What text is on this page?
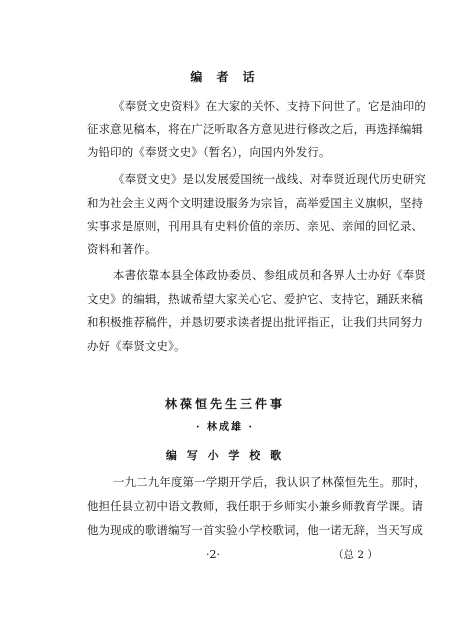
编 者 话
《奉贤文史资料》在大家的关怀、支持下问世了。它是油印的
征求意见稿本，将在广泛听取各方意见进行修改之后，再选择编辑
为铅印的《奉贤文史》（暂名），向国内外发行。
《奉贤文史》是以发展爱国统一战线、对奉贤近现代历史研究
和为社会主义两个文明建设服务为宗旨，高举爱国主义旗帜，坚持
实事求是原则，刊用具有史料价值的亲历、亲见、亲闻的回忆录、
资料和著作。
本書依靠本县全体政协委员、参组成员和各界人士办好《奉贤
文史》的编辑，热诚希望大家关心它、爱护它、支持它，踊跃来稿
和积极推荐稿件，并恳切要求读者提出批评指正，让我们共同努力
办好《奉贤文史》。
林葆恒先生三件事
· 林成雄 ·
编 写 小 学 校 歌
一九二九年度第一学期开学后，我认识了林葆恒先生。那时，
他担任县立初中语文教师，我任职于乡师实小兼乡师教育学课。请
他为现成的歌谱编写一首实验小学校歌词，他一诺无辞，当天写成
·2·	（总 2 ）
